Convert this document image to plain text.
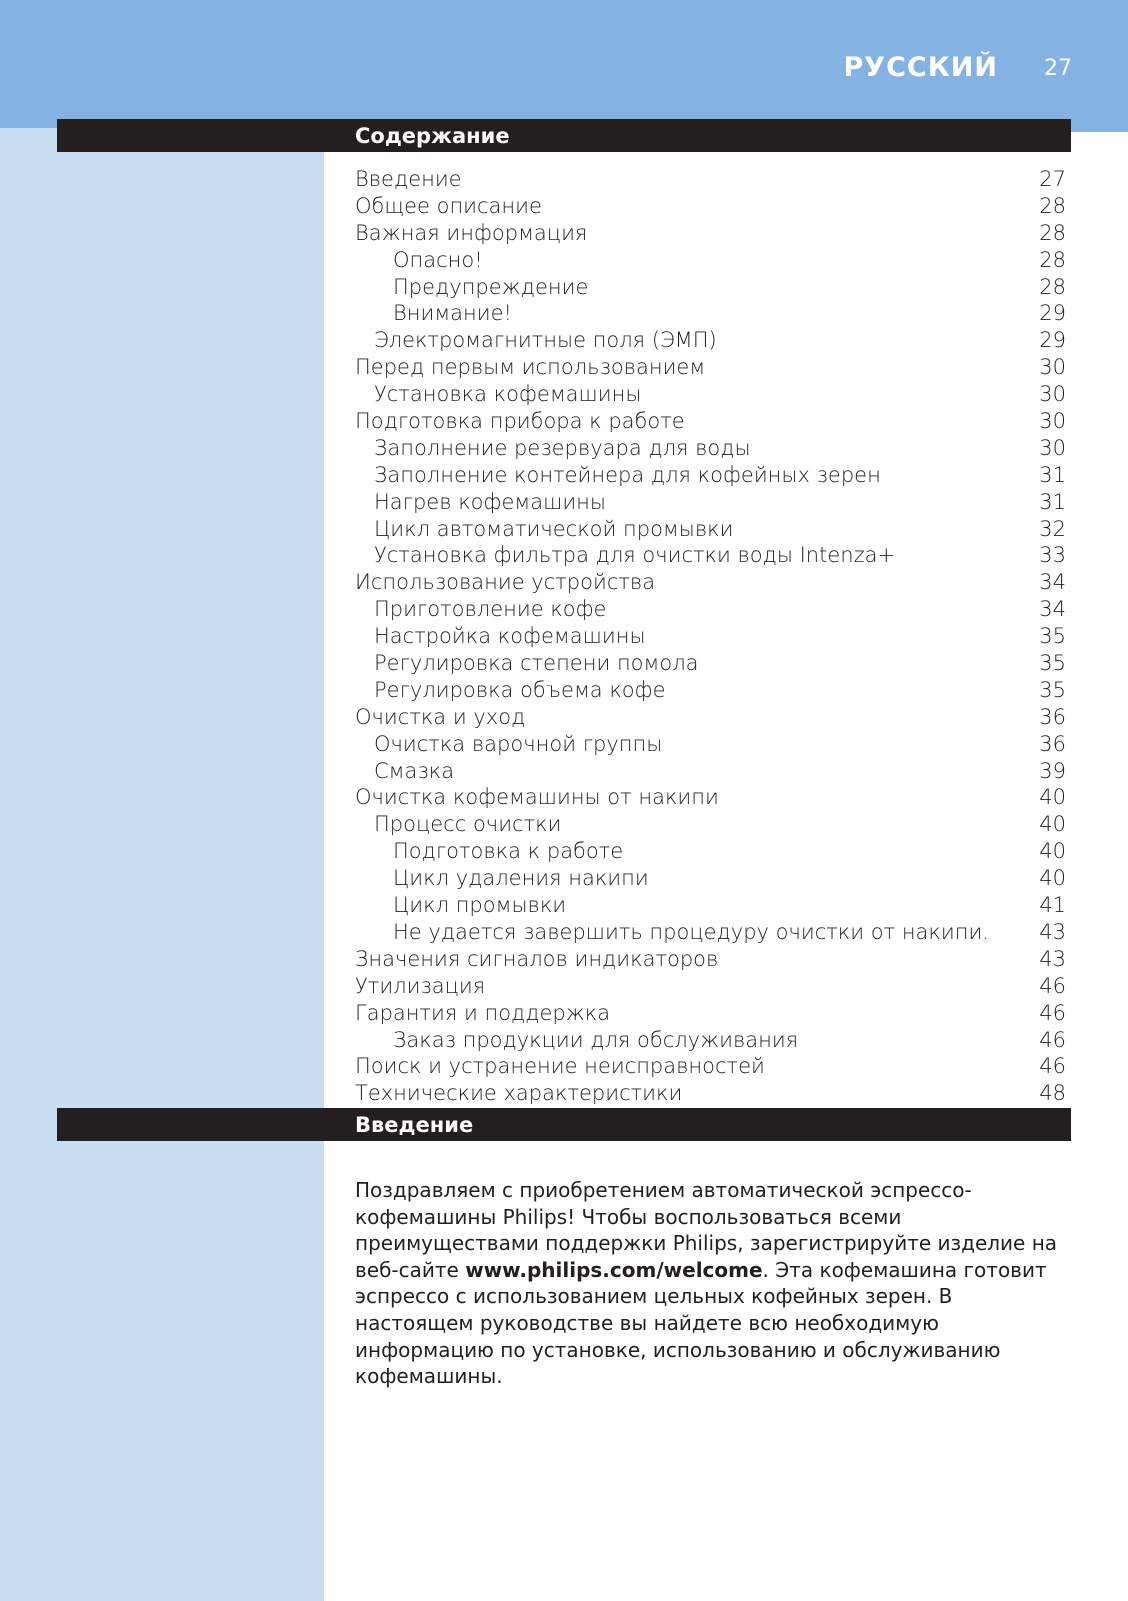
РУССКИЙ 27
Содержание
Введение	27
Общее описание	28
Важная информация	28
Опасно!	28
Предупреждение	28
Внимание!	29
Электромагнитные поля (ЭМП)	29
Перед первым использованием	30
Установка кофемашины	30
Подготовка прибора к работе	30
Заполнение резервуара для воды	30
Заполнение контейнера для кофейных зерен	31
Нагрев кофемашины	31
Цикл автоматической промывки	32
Установка фильтра для очистки воды Intenza+	33
Использование устройства	34
Приготовление кофе	34
Настройка кофемашины	35
Регулировка степени помола	35
Регулировка объема кофе	35
Очистка и уход	36
Очистка варочной группы	36
Смазка	39
Очистка кофемашины от накипи	40
Процесс очистки	40
Подготовка к работе	40
Цикл удаления накипи	40
Цикл промывки	41
Не удается завершить процедуру очистки от накипи. 43
Значения сигналов индикаторов	43
Утилизация	46
Гарантия и поддержка	46
Заказ продукции для обслуживания	46
Поиск и устранение неисправностей	46
Технические характеристики	48
Введение

Поздравляем с приобретением автоматической эспрессо-кофемашины Philips! Чтобы воспользоваться всеми преимуществами поддержки Philips, зарегистрируйте изделие на веб-сайте www.philips.com/welcome. Эта кофемашина готовит эспрессо с использованием цельных кофейных зерен. В настоящем руководстве вы найдете всю необходимую информацию по установке, использованию и обслуживанию кофемашины.
